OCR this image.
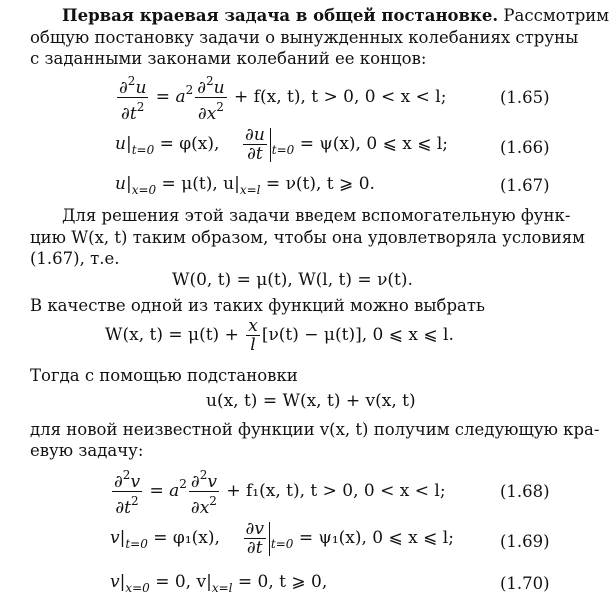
Первая краевая задача в общей постановке. Рассмотрим
общую постановку задачи о вынужденных колебаниях струны
с заданными законами колебаний ее концов:
$\frac{\partial^2u}{\partial t^2} = a^2 \frac{\partial^2u}{\partial x^2} + f(x$, t), t > 0, 0 < x < l;	(1.65)
$u|_{t=0} = \varphi(x)$, $\frac{\partial u}{\partial t} _{t=0} = \psi(x)$, 0 ⩽ x ⩽ l;	(1.66)
$u|_{x=0} = \mu(t)$, $u|_{x=l} = \nu(t)$, t ⩾ 0.	(1.67)
Для решения этой задачи введем вспомогательную функ-
цию W(x, t) таким образом, чтобы она удовлетворяла условиям
(1.67), т.е.
W(0, t) = μ(t), W(l, t) = ν(t).
В качестве одной из таких функций можно выбрать
W(x, $t) = \mu(t) + \frac{x}{l} [\nu(t) - \mu(t)]$, 0 ⩽ x ⩽ l.
Тогда с помощью подстановки
u(x, t) = W(x, t) + v(x, t)
для новой неизвестной функции v(x, t) получим следующую кра-
евую задачу:
$\frac{\partial^2v}{\partial t^2} = a^2 \frac{\partial^2v}{\partial x^2} + f_1(x$, t), t > 0, 0 < x < l;	(1.68)
$v|_{t=0} = \varphi_1(x)$, $\frac{\partial v}{\partial t} _{t=0} = \psi_1(x)$, 0 ⩽ x ⩽ l;	(1.69)
$v|_{x=0} = 0$, $v|_{x=l} = 0$, t ⩾ 0,	(1.70)
